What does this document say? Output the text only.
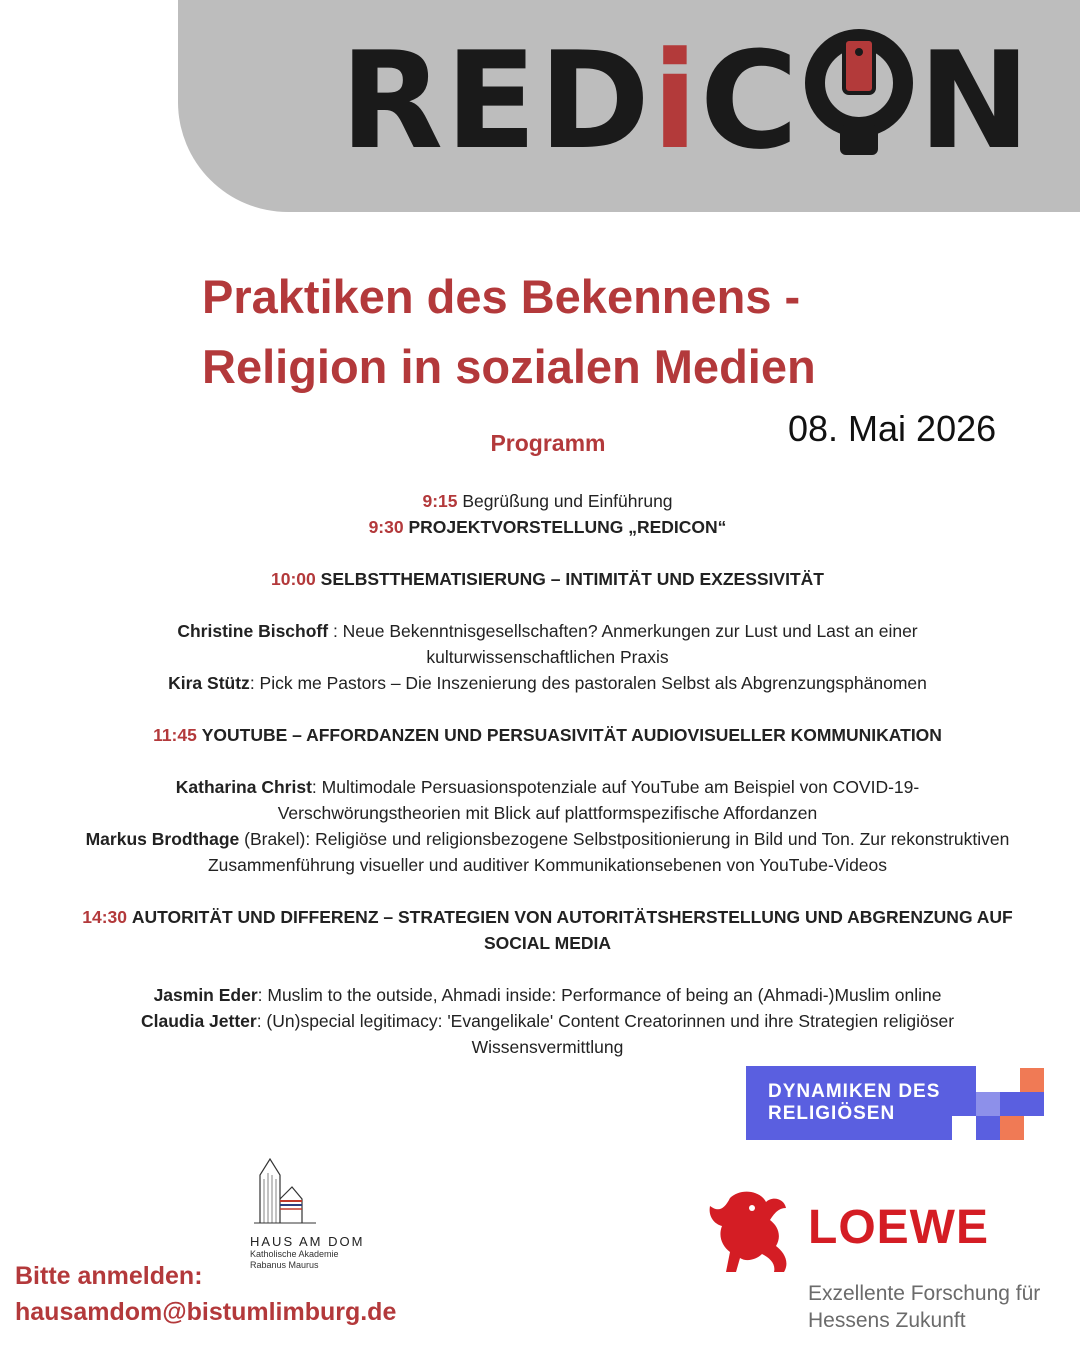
REDiC N
Praktiken des Bekennens -
Religion in sozialen Medien
08. Mai 2026
Programm

9:15 Begrüßung und Einführung

9:30 PROJEKTVORSTELLUNG „REDICON“

10:00 SELBSTTHEMATISIERUNG – INTIMITÄT UND EXZESSIVITÄT

Christine Bischoff : Neue Bekenntnisgesellschaften? Anmerkungen zur Lust und Last an einer kulturwissenschaftlichen Praxis

Kira Stütz: Pick me Pastors – Die Inszenierung des pastoralen Selbst als Abgrenzungsphänomen

11:45 YOUTUBE – AFFORDANZEN UND PERSUASIVITÄT AUDIOVISUELLER KOMMUNIKATION

Katharina Christ: Multimodale Persuasionspotenziale auf YouTube am Beispiel von COVID-19-Verschwörungstheorien mit Blick auf plattformspezifische Affordanzen

Markus Brodthage (Brakel): Religiöse und religionsbezogene Selbstpositionierung in Bild und Ton. Zur rekonstruktiven Zusammenführung visueller und auditiver Kommunikationsebenen von YouTube-Videos

14:30 AUTORITÄT UND DIFFERENZ – STRATEGIEN VON AUTORITÄTSHERSTELLUNG UND ABGRENZUNG AUF SOCIAL MEDIA

Jasmin Eder: Muslim to the outside, Ahmadi inside: Performance of being an (Ahmadi-)Muslim online

Claudia Jetter: (Un)special legitimacy: 'Evangelikale' Content Creatorinnen und ihre Strategien religiöser Wissensvermittlung

DYNAMIKEN DES
RELIGIÖSEN
HAUS AM DOM
Katholische Akademie
Rabanus Maurus
Bitte anmelden:
hausamdom@bistumlimburg.de
LOEWE
Exzellente Forschung für
Hessens Zukunft
